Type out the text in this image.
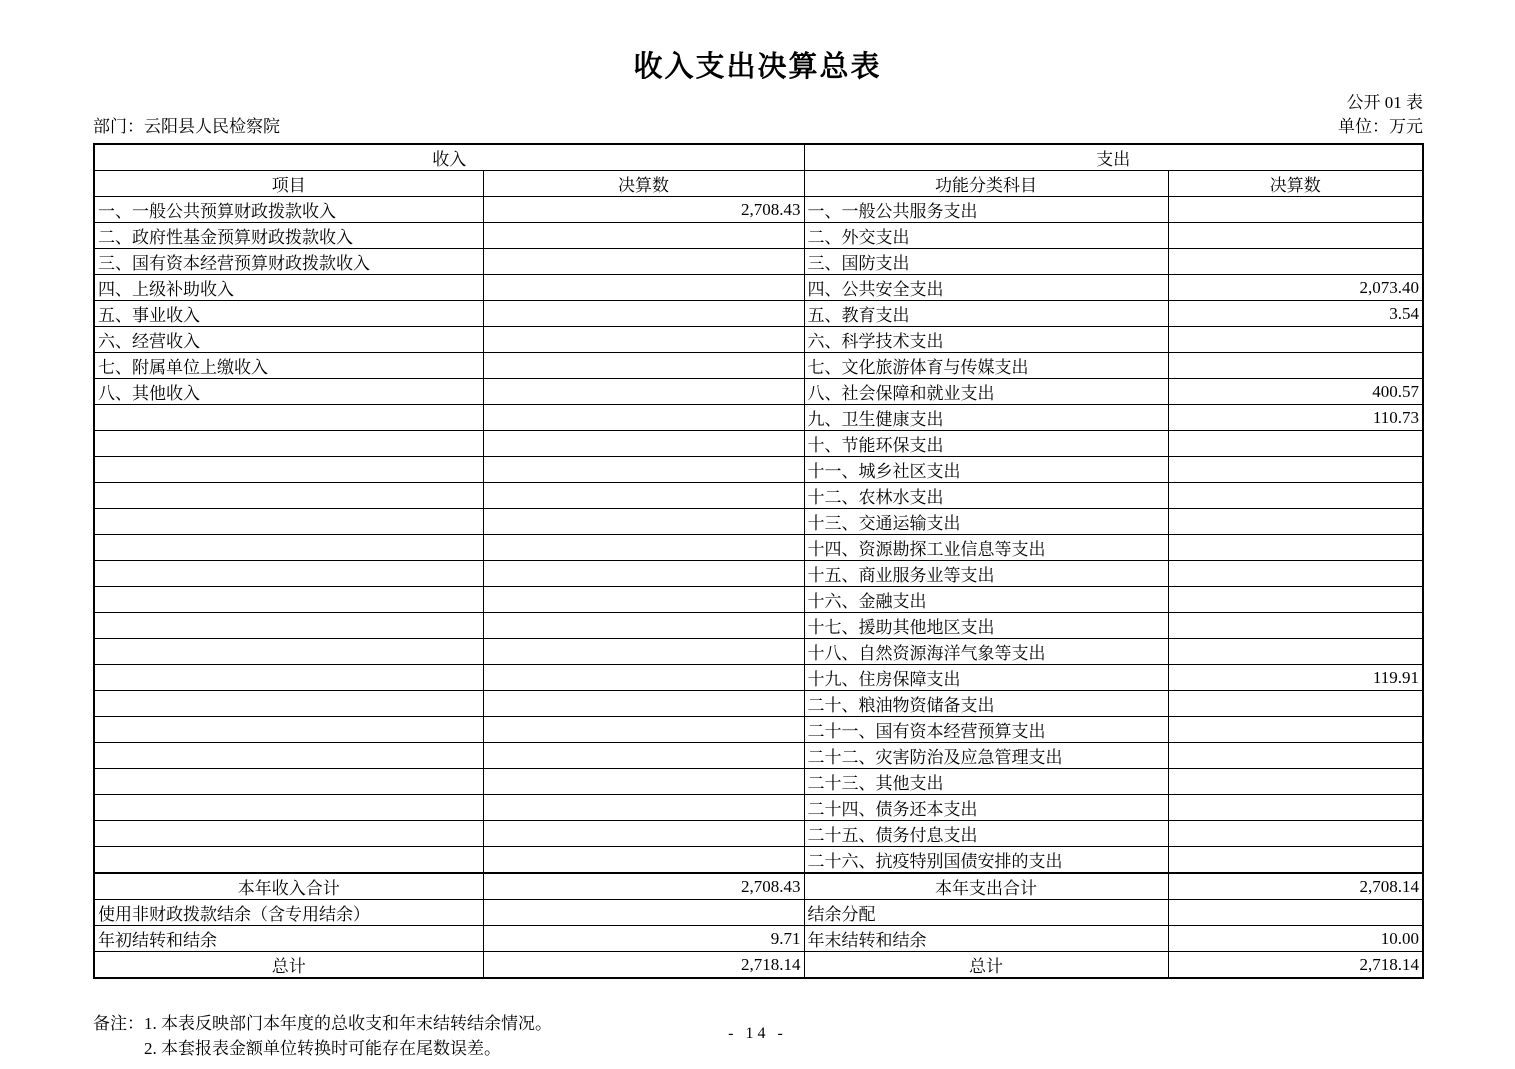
收入支出决算总表
公开 01 表
部门：云阳县人民检察院	单位：万元
收入		支出	
项目	决算数	功能分类科目	决算数
一、一般公共预算财政拨款收入	2,708.43	一、一般公共服务支出	
二、政府性基金预算财政拨款收入		二、外交支出	
三、国有资本经营预算财政拨款收入		三、国防支出	
四、上级补助收入		四、公共安全支出	2,073.40
五、事业收入		五、教育支出	3.54
六、经营收入		六、科学技术支出	
七、附属单位上缴收入		七、文化旅游体育与传媒支出	
八、其他收入		八、社会保障和就业支出	400.57
		九、卫生健康支出	110.73
		十、节能环保支出	
		十一、城乡社区支出	
		十二、农林水支出	
		十三、交通运输支出	
		十四、资源勘探工业信息等支出	
		十五、商业服务业等支出	
		十六、金融支出	
		十七、援助其他地区支出	
		十八、自然资源海洋气象等支出	
		十九、住房保障支出	119.91
		二十、粮油物资储备支出	
		二十一、国有资本经营预算支出	
		二十二、灾害防治及应急管理支出	
		二十三、其他支出	
		二十四、债务还本支出	
		二十五、债务付息支出	
		二十六、抗疫特别国债安排的支出	
本年收入合计	2,708.43	本年支出合计	2,708.14
使用非财政拨款结余（含专用结余）		结余分配	
年初结转和结余	9.71	年末结转和结余	10.00
总计	2,718.14	总计	2,718.14
备注： 1. 本表反映部门本年度的总收支和年末结转结余情况。
2. 本套报表金额单位转换时可能存在尾数误差。
- 14 -
